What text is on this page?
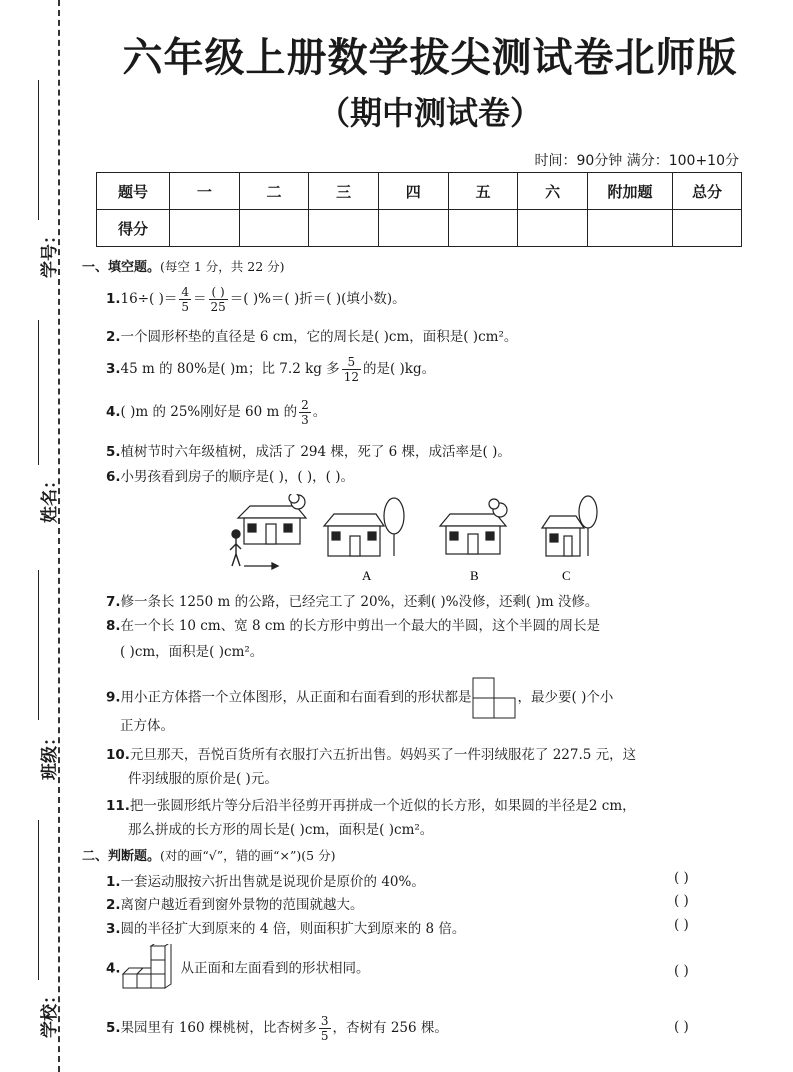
学号：
姓名：
班级：
学校：
六年级上册数学拔尖测试卷北师版
（期中测试卷）
时间：90分钟 满分：100+10分
题号	一	二	三	四	五	六	附加题	总分
得分								
一、填空题。(每空 1 分，共 22 分)
1.16÷( )＝ $\frac{4}{5} = \frac{( )}{25}$ ＝( )%＝( )折＝( )(填小数)。
2.一个圆形杯垫的直径是 6 cm，它的周长是( )cm，面积是( )cm²。
3.45 m 的 80%是( )m；比 7.2 kg 多 $\frac{5}{12}$ 的是( )kg。
4.( )m 的 25%刚好是 60 m 的 $\frac{2}{3}$ 。
5.植树节时六年级植树，成活了 294 棵，死了 6 棵，成活率是( )。
6.小男孩看到房子的顺序是( )，( )，( )。
A	B	C
7.修一条长 1250 m 的公路，已经完工了 20%，还剩( )%没修，还剩( )m 没修。
8.在一个长 10 cm、宽 8 cm 的长方形中剪出一个最大的半圆，这个半圆的周长是
( )cm，面积是( )cm²。
9.用小正方体搭一个立体图形，从正面和右面看到的形状都是	，最少要( )个小
正方体。
10.元旦那天，吾悦百货所有衣服打六五折出售。妈妈买了一件羽绒服花了 227.5 元，这
件羽绒服的原价是( )元。
11.把一张圆形纸片等分后沿半径剪开再拼成一个近似的长方形，如果圆的半径是2 cm，
那么拼成的长方形的周长是( )cm，面积是( )cm²。
二、判断题。(对的画“√”，错的画“×”)(5 分)
1.一套运动服按六折出售就是说现价是原价的 40%。	( )
2.离窗户越近看到窗外景物的范围就越大。	( )
3.圆的半径扩大到原来的 4 倍，则面积扩大到原来的 8 倍。	( )
4.	从正面和左面看到的形状相同。	( )
5.果园里有 160 棵桃树，比杏树多 $\frac{3}{5}$ ，杏树有 256 棵。	( )
